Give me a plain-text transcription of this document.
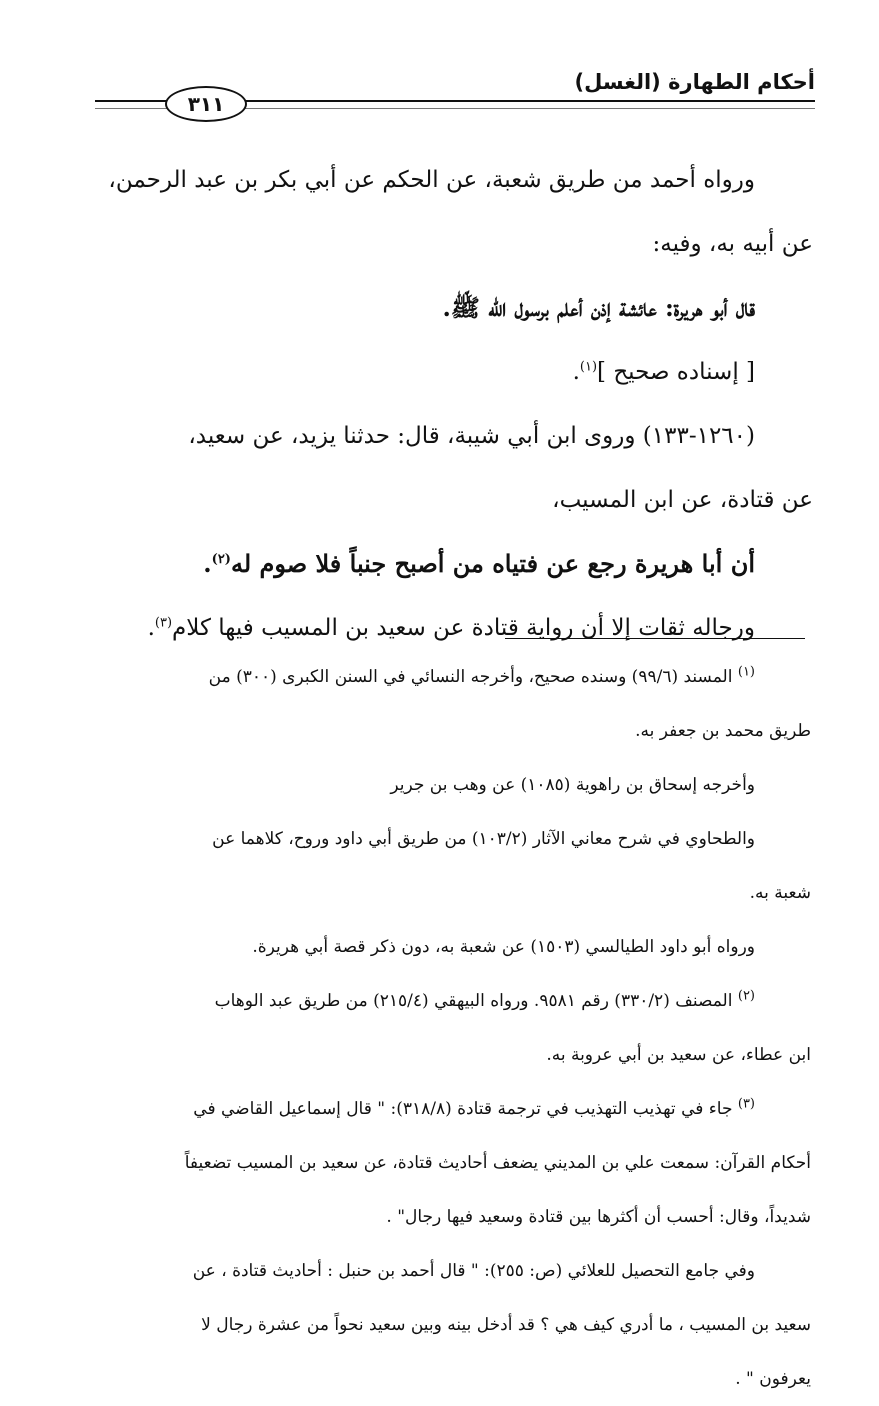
أحكام الطهارة (الغسل)
٣١١

ورواه أحمد من طريق شعبة، عن الحكم عن أبي بكر بن عبد الرحمن،

عن أبيه به، وفيه:

قال أبو هريرة: عائشة إذن أعلم برسول الله ﷺ.

[ إسناده صحيح ]$^{(١)}$.

(١٢٦٠-١٣٣) وروى ابن أبي شيبة، قال: حدثنا يزيد، عن سعيد،

عن قتادة، عن ابن المسيب،

أن أبا هريرة رجع عن فتياه من أصبح جنباً فلا صوم له$^{(٢)}$.

ورجاله ثقات إلا أن رواية قتادة عن سعيد بن المسيب فيها كلام$^{(٣)}$.

$^{(١)}$ المسند (٩٩/٦) وسنده صحيح، وأخرجه النسائي في السنن الكبرى (٣٠٠) من

طريق محمد بن جعفر به.

وأخرجه إسحاق بن راهوية (١٠٨٥) عن وهب بن جرير

والطحاوي في شرح معاني الآثار (١٠٣/٢) من طريق أبي داود وروح، كلاهما عن

شعبة به.

ورواه أبو داود الطيالسي (١٥٠٣) عن شعبة به، دون ذكر قصة أبي هريرة.

$^{(٢)}$ المصنف (٣٣٠/٢) رقم ٩٥٨١. ورواه البيهقي (٢١٥/٤) من طريق عبد الوهاب

ابن عطاء، عن سعيد بن أبي عروبة به.

$^{(٣)}$ جاء في تهذيب التهذيب في ترجمة قتادة (٣١٨/٨): " قال إسماعيل القاضي في

أحكام القرآن: سمعت علي بن المديني يضعف أحاديث قتادة، عن سعيد بن المسيب تضعيفاً

شديداً، وقال: أحسب أن أكثرها بين قتادة وسعيد فيها رجال" .

وفي جامع التحصيل للعلائي (ص: ٢٥٥): " قال أحمد بن حنبل : أحاديث قتادة ، عن

سعيد بن المسيب ، ما أدري كيف هي ؟ قد أدخل بينه وبين سعيد نحواً من عشرة رجال لا

يعرفون " .
